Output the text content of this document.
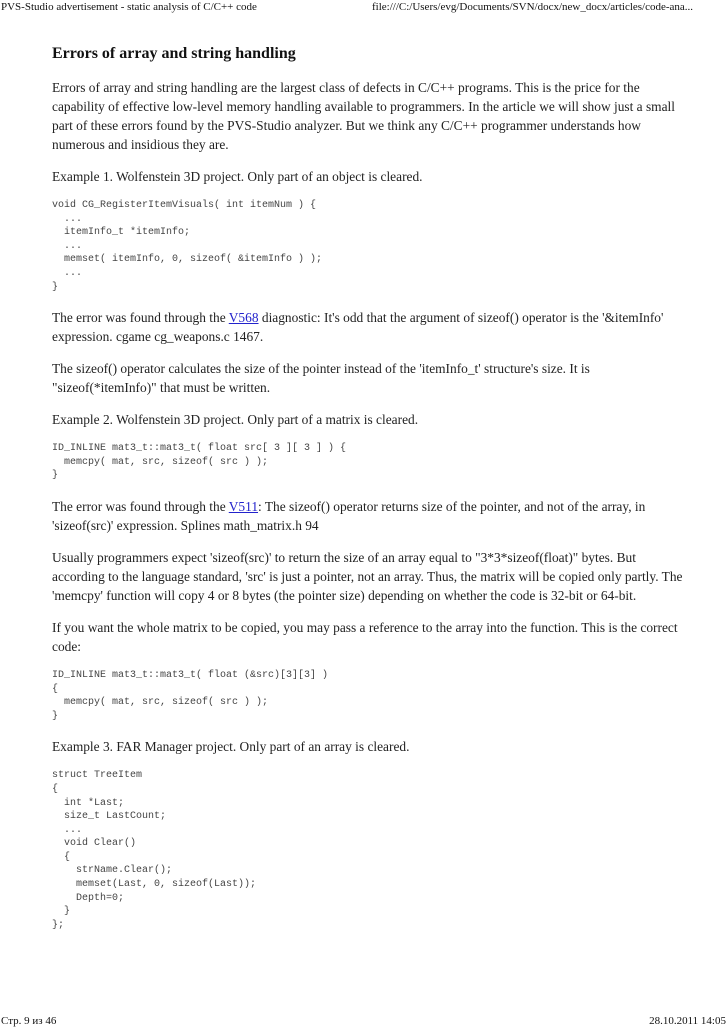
PVS-Studio advertisement - static analysis of C/C++ code	file:///C:/Users/evg/Documents/SVN/docx/new_docx/articles/code-ana...
Errors of array and string handling

Errors of array and string handling are the largest class of defects in C/C++ programs. This is the price for the capability of effective low-level memory handling available to programmers. In the article we will show just a small part of these errors found by the PVS-Studio analyzer. But we think any C/C++ programmer understands how numerous and insidious they are.

Example 1. Wolfenstein 3D project. Only part of an object is cleared.

void CG_RegisterItemVisuals( int itemNum ) {
...
itemInfo_t *itemInfo;
...
memset( itemInfo, 0, sizeof( &itemInfo ) );
...
}

The error was found through the V568 diagnostic: It's odd that the argument of sizeof() operator is the '&itemInfo' expression. cgame cg_weapons.c 1467.

The sizeof() operator calculates the size of the pointer instead of the 'itemInfo_t' structure's size. It is "sizeof(*itemInfo)" that must be written.

Example 2. Wolfenstein 3D project. Only part of a matrix is cleared.

ID_INLINE mat3_t::mat3_t( float src[ 3 ][ 3 ] ) {
memcpy( mat, src, sizeof( src ) );
}

The error was found through the V511: The sizeof() operator returns size of the pointer, and not of the array, in 'sizeof(src)' expression. Splines math_matrix.h 94

Usually programmers expect 'sizeof(src)' to return the size of an array equal to "3*3*sizeof(float)" bytes. But according to the language standard, 'src' is just a pointer, not an array. Thus, the matrix will be copied only partly. The 'memcpy' function will copy 4 or 8 bytes (the pointer size) depending on whether the code is 32-bit or 64-bit.

If you want the whole matrix to be copied, you may pass a reference to the array into the function. This is the correct code:

ID_INLINE mat3_t::mat3_t( float (&src)[3][3] )
{
memcpy( mat, src, sizeof( src ) );
}

Example 3. FAR Manager project. Only part of an array is cleared.

struct TreeItem
{
int *Last;
size_t LastCount;
...
void Clear()
{
strName.Clear();
memset(Last, 0, sizeof(Last));
Depth=0;
}
};
Стр. 9 из 46	28.10.2011 14:05
